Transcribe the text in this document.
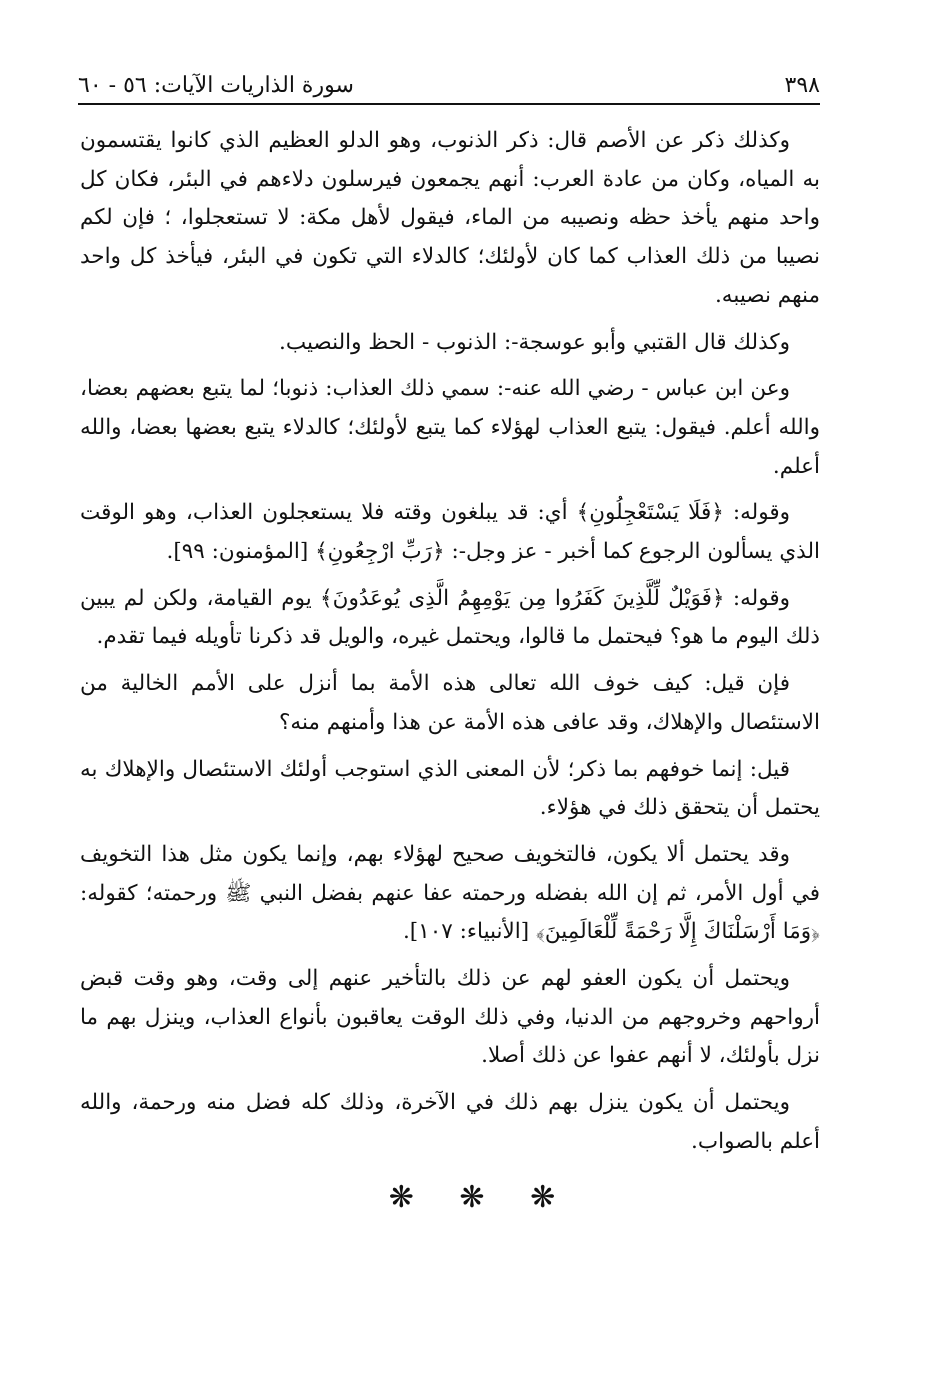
٣٩٨
سورة الذاريات الآيات: ٥٦ - ٦٠

وكذلك ذكر عن الأصم قال: ذكر الذنوب، وهو الدلو العظيم الذي كانوا يقتسمون به المياه، وكان من عادة العرب: أنهم يجمعون فيرسلون دلاءهم في البئر، فكان كل واحد منهم يأخذ حظه ونصيبه من الماء، فيقول لأهل مكة: لا تستعجلوا، ؛ فإن لكم نصيبا من ذلك العذاب كما كان لأولئك؛ كالدلاء التي تكون في البئر، فيأخذ كل واحد منهم نصيبه.

وكذلك قال القتبي وأبو عوسجة-: الذنوب - الحظ والنصيب.

وعن ابن عباس - رضي الله عنه-: سمي ذلك العذاب: ذنوبا؛ لما يتبع بعضهم بعضا، والله أعلم. فيقول: يتبع العذاب لهؤلاء كما يتبع لأولئك؛ كالدلاء يتبع بعضها بعضا، والله أعلم.

وقوله: ﴿فَلَا يَسْتَعْجِلُونِ﴾ أي: قد يبلغون وقته فلا يستعجلون العذاب، وهو الوقت الذي يسألون الرجوع كما أخبر - عز وجل-: ﴿رَبِّ ارْجِعُونِ﴾ [المؤمنون: ٩٩].

وقوله: ﴿فَوَيْلٌ لِّلَّذِينَ كَفَرُوا مِن يَوْمِهِمُ الَّذِى يُوعَدُونَ﴾ يوم القيامة، ولكن لم يبين ذلك اليوم ما هو؟ فيحتمل ما قالوا، ويحتمل غيره، والويل قد ذكرنا تأويله فيما تقدم.

فإن قيل: كيف خوف الله تعالى هذه الأمة بما أنزل على الأمم الخالية من الاستئصال والإهلاك، وقد عافى هذه الأمة عن هذا وأمنهم منه؟

قيل: إنما خوفهم بما ذكر؛ لأن المعنى الذي استوجب أولئك الاستئصال والإهلاك به يحتمل أن يتحقق ذلك في هؤلاء.

وقد يحتمل ألا يكون، فالتخويف صحيح لهؤلاء بهم، وإنما يكون مثل هذا التخويف في أول الأمر، ثم إن الله بفضله ورحمته عفا عنهم بفضل النبي ﷺ ورحمته؛ كقوله: ﴿وَمَا أَرْسَلْنَاكَ إِلَّا رَحْمَةً لِّلْعَالَمِينَ﴾ [الأنبياء: ١٠٧].

ويحتمل أن يكون العفو لهم عن ذلك بالتأخير عنهم إلى وقت، وهو وقت قبض أرواحهم وخروجهم من الدنيا، وفي ذلك الوقت يعاقبون بأنواع العذاب، وينزل بهم ما نزل بأولئك، لا أنهم عفوا عن ذلك أصلا.

ويحتمل أن يكون ينزل بهم ذلك في الآخرة، وذلك كله فضل منه ورحمة، والله أعلم بالصواب.

❋ ❋ ❋
